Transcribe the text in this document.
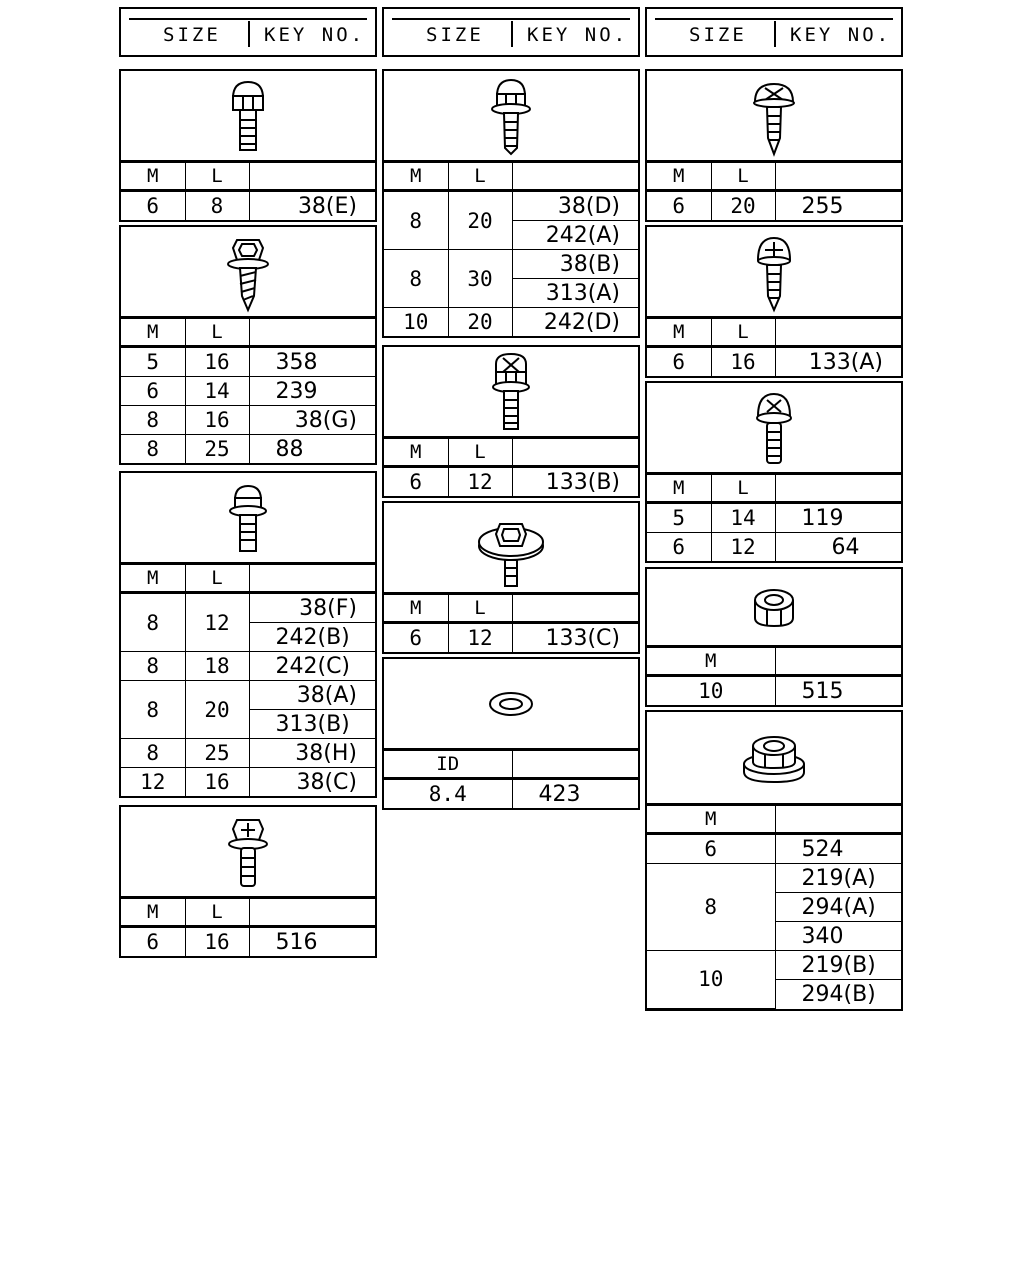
SIZE KEY NO.	SIZE KEY NO.	SIZE KEY NO.
M	L	
6	8	38(E)
M	L	
5	16	358
6	14	239
8	16	38(G)
8	25	88
M	L	
8	12	38(F)
		242(B)
8	18	242(C)
8	20	38(A)
		313(B)
8	25	38(H)
12	16	38(C)
M	L	
6	16	516
M	L	
8	20	38(D)
		242(A)
8	30	38(B)
		313(A)
10	20	242(D)
M	L	
6	12	133(B)
M	L	
6	12	133(C)
ID	
8.4	423
M	L	
6	20	255
M	L	
6	16	133(A)
M	L	
5	14	119
6	12	64
M	
10	515
M	
6	524
8	219(A)
	294(A)
	340
10	219(B)
	294(B)
